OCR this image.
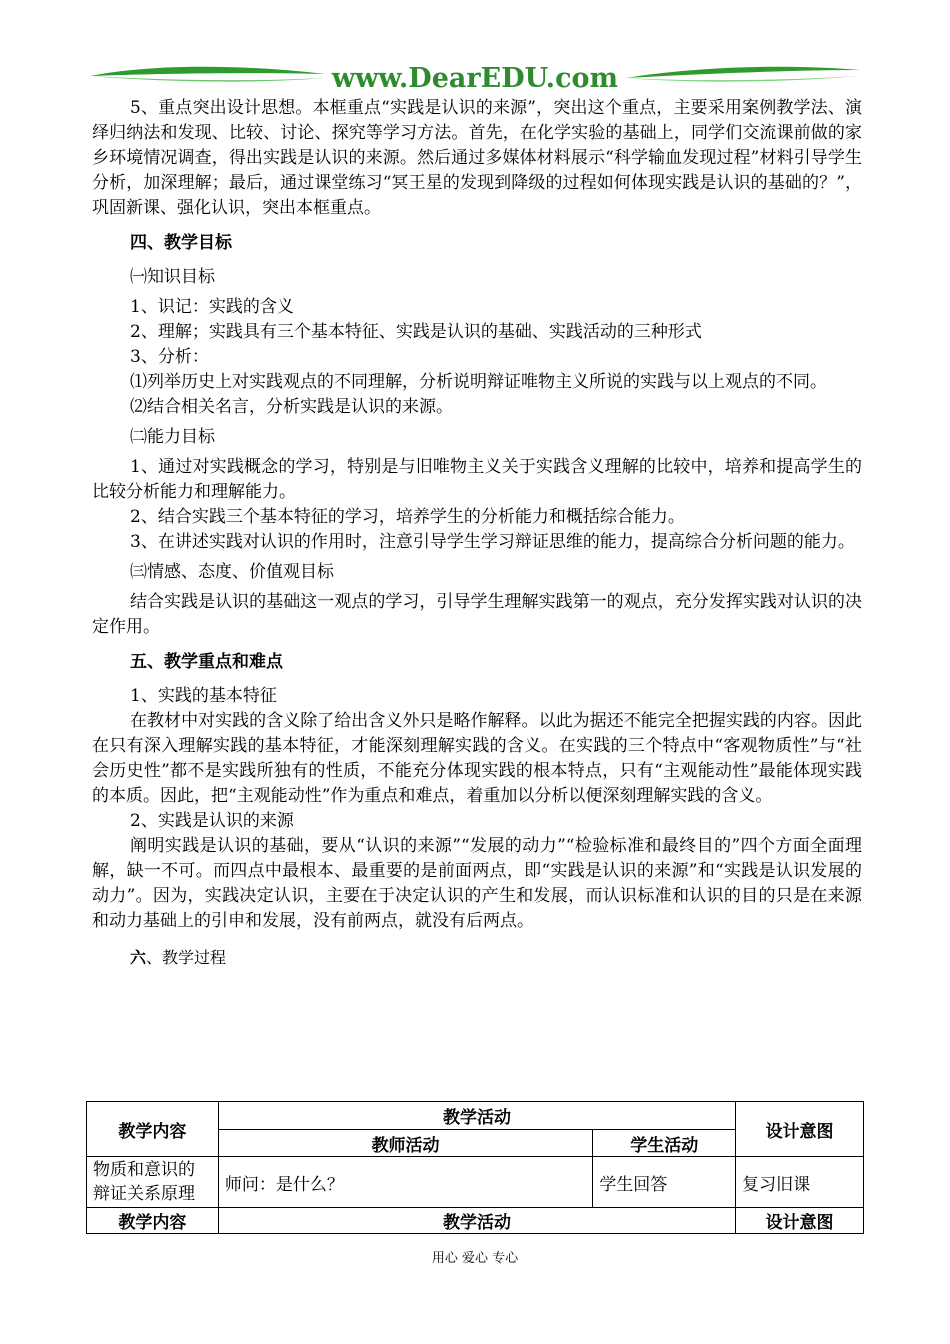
www.DearEDU.com

5、重点突出设计思想。本框重点“实践是认识的来源”，突出这个重点，主要采用案例教学法、演绎归纳法和发现、比较、讨论、探究等学习方法。首先，在化学实验的基础上，同学们交流课前做的家乡环境情况调查，得出实践是认识的来源。然后通过多媒体材料展示“科学输血发现过程”材料引导学生分析，加深理解；最后，通过课堂练习“冥王星的发现到降级的过程如何体现实践是认识的基础的？”，巩固新课、强化认识，突出本框重点。

四、教学目标
㈠知识目标

1、识记：实践的含义

2、理解；实践具有三个基本特征、实践是认识的基础、实践活动的三种形式

3、分析：

⑴列举历史上对实践观点的不同理解，分析说明辩证唯物主义所说的实践与以上观点的不同。

⑵结合相关名言，分析实践是认识的来源。

㈡能力目标

1、通过对实践概念的学习，特别是与旧唯物主义关于实践含义理解的比较中，培养和提高学生的比较分析能力和理解能力。

2、结合实践三个基本特征的学习，培养学生的分析能力和概括综合能力。

3、在讲述实践对认识的作用时，注意引导学生学习辩证思维的能力，提高综合分析问题的能力。

㈢情感、态度、价值观目标

结合实践是认识的基础这一观点的学习，引导学生理解实践第一的观点，充分发挥实践对认识的决定作用。

五、教学重点和难点

1、实践的基本特征

在教材中对实践的含义除了给出含义外只是略作解释。以此为据还不能完全把握实践的内容。因此在只有深入理解实践的基本特征，才能深刻理解实践的含义。在实践的三个特点中“客观物质性”与“社会历史性”都不是实践所独有的性质，不能充分体现实践的根本特点，只有“主观能动性”最能体现实践的本质。因此，把“主观能动性”作为重点和难点，着重加以分析以便深刻理解实践的含义。

2、实践是认识的来源

阐明实践是认识的基础，要从“认识的来源”“发展的动力”“检验标准和最终目的”四个方面全面理解，缺一不可。而四点中最根本、最重要的是前面两点，即“实践是认识的来源”和“实践是认识发展的动力”。因为，实践决定认识，主要在于决定认识的产生和发展，而认识标准和认识的目的只是在来源和动力基础上的引申和发展，没有前两点，就没有后两点。

六、教学过程
教学内容	教学活动		设计意图
	教师活动	学生活动	
物质和意识的辩证关系原理	师问：是什么？	学生回答	复习旧课
教学内容	教学活动		设计意图
用心 爱心 专心
